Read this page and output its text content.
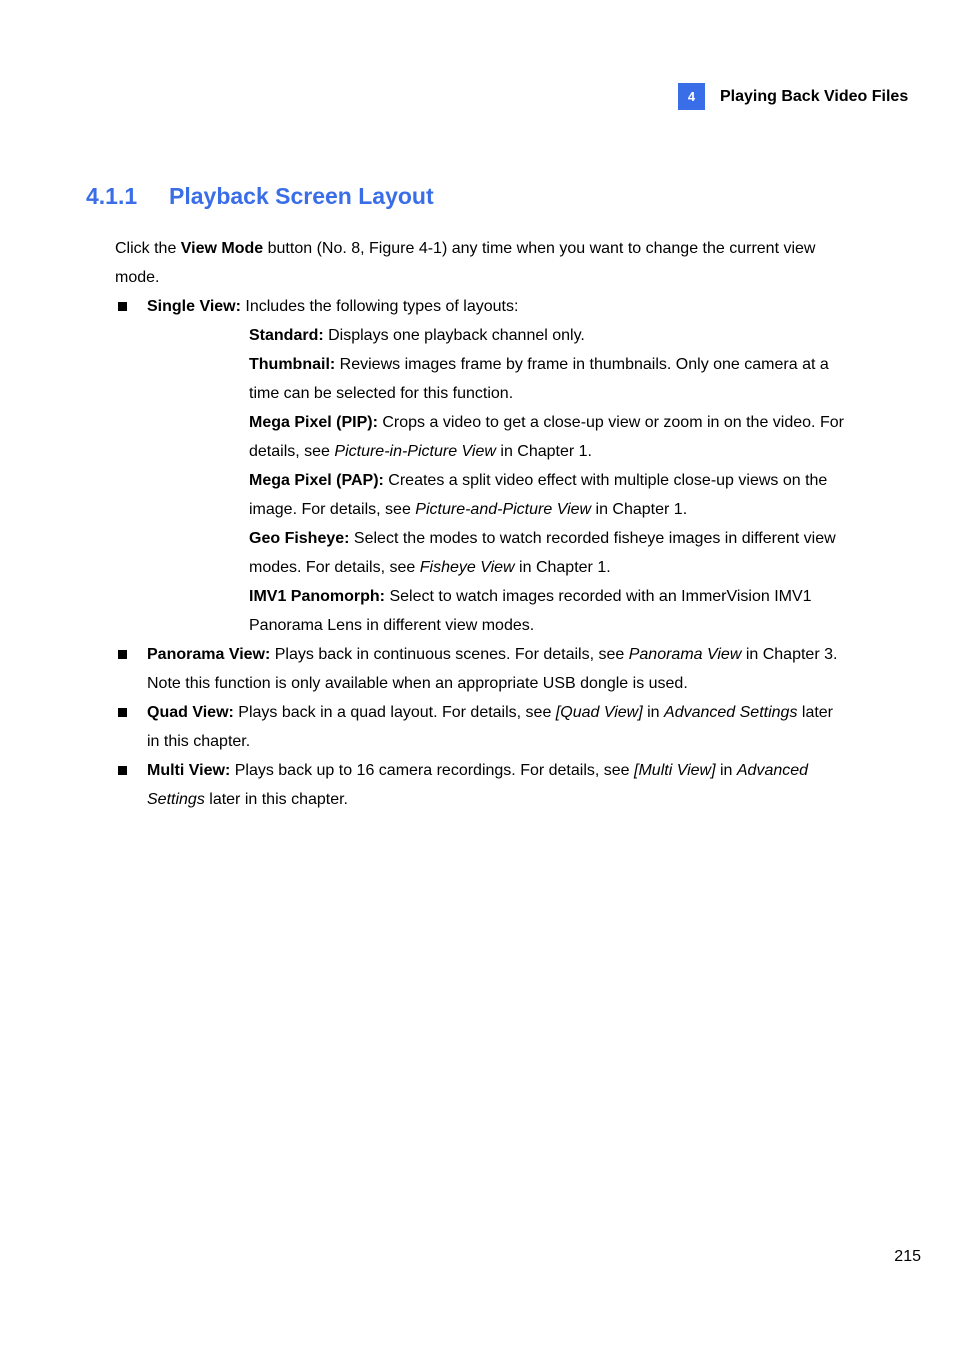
4	Playing Back Video Files
4.1.1 Playback Screen Layout

Click the View Mode button (No. 8, Figure 4-1) any time when you want to change the current view mode.

Single View: Includes the following types of layouts:

Standard: Displays one playback channel only.

Thumbnail: Reviews images frame by frame in thumbnails. Only one camera at a time can be selected for this function.

Mega Pixel (PIP): Crops a video to get a close-up view or zoom in on the video. For details, see Picture-in-Picture View in Chapter 1.

Mega Pixel (PAP): Creates a split video effect with multiple close-up views on the image. For details, see Picture-and-Picture View in Chapter 1.

Geo Fisheye: Select the modes to watch recorded fisheye images in different view modes. For details, see Fisheye View in Chapter 1.

IMV1 Panomorph: Select to watch images recorded with an ImmerVision IMV1 Panorama Lens in different view modes.

Panorama View: Plays back in continuous scenes. For details, see Panorama View in Chapter 3. Note this function is only available when an appropriate USB dongle is used.

Quad View: Plays back in a quad layout. For details, see [Quad View] in Advanced Settings later in this chapter.

Multi View: Plays back up to 16 camera recordings. For details, see [Multi View] in Advanced Settings later in this chapter.

215
